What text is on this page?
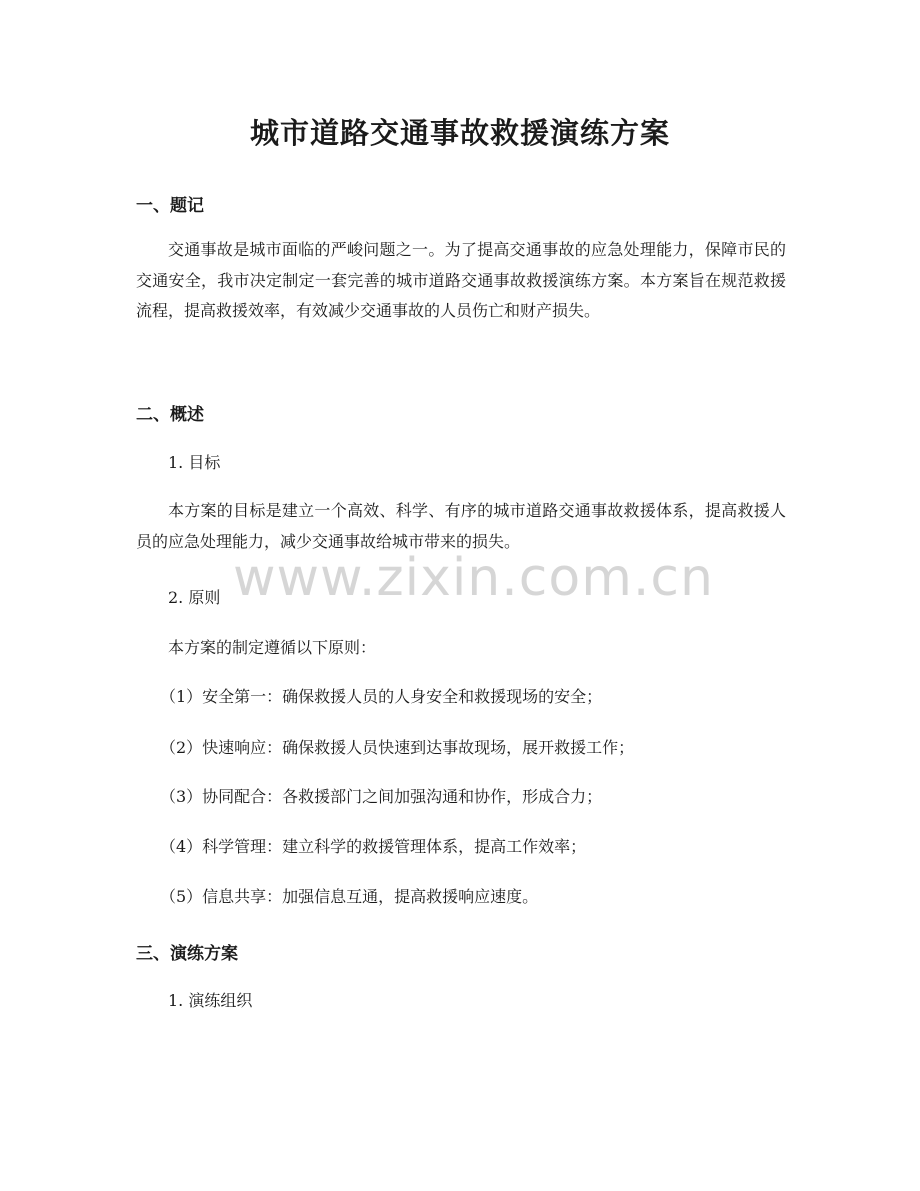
城市道路交通事故救援演练方案
一、题记

交通事故是城市面临的严峻问题之一。为了提高交通事故的应急处理能力，保障市民的交通安全，我市决定制定一套完善的城市道路交通事故救援演练方案。本方案旨在规范救援流程，提高救援效率，有效减少交通事故的人员伤亡和财产损失。

二、概述

1. 目标

本方案的目标是建立一个高效、科学、有序的城市道路交通事故救援体系，提高救援人员的应急处理能力，减少交通事故给城市带来的损失。

2. 原则

本方案的制定遵循以下原则：

（1）安全第一：确保救援人员的人身安全和救援现场的安全；

（2）快速响应：确保救援人员快速到达事故现场，展开救援工作；

（3）协同配合：各救援部门之间加强沟通和协作，形成合力；

（4）科学管理：建立科学的救援管理体系，提高工作效率；

（5）信息共享：加强信息互通，提高救援响应速度。

三、演练方案

1. 演练组织

www.zixin.com.cn
